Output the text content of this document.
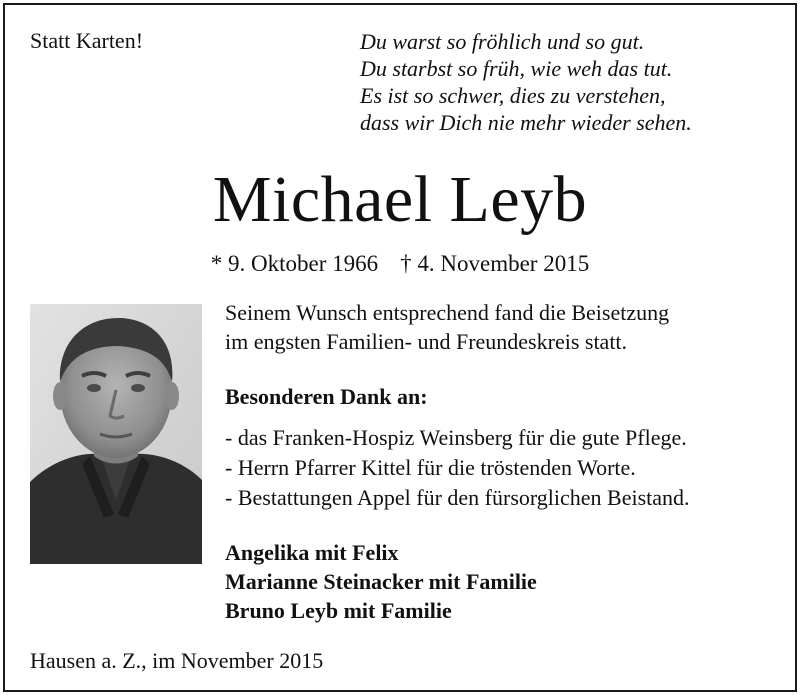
Statt Karten!	Du warst so fröhlich und so gut.
Du starbst so früh, wie weh das tut.
Es ist so schwer, dies zu verstehen,
dass wir Dich nie mehr wieder sehen.
Michael Leyb
* 9. Oktober 1966 † 4. November 2015
Seinem Wunsch entsprechend fand die Beisetzung
im engsten Familien- und Freundeskreis statt.
Besonderen Dank an:
- das Franken-Hospiz Weinsberg für die gute Pflege.
- Herrn Pfarrer Kittel für die tröstenden Worte.
- Bestattungen Appel für den fürsorglichen Beistand.
Angelika mit Felix
Marianne Steinacker mit Familie
Bruno Leyb mit Familie
Hausen a. Z., im November 2015
